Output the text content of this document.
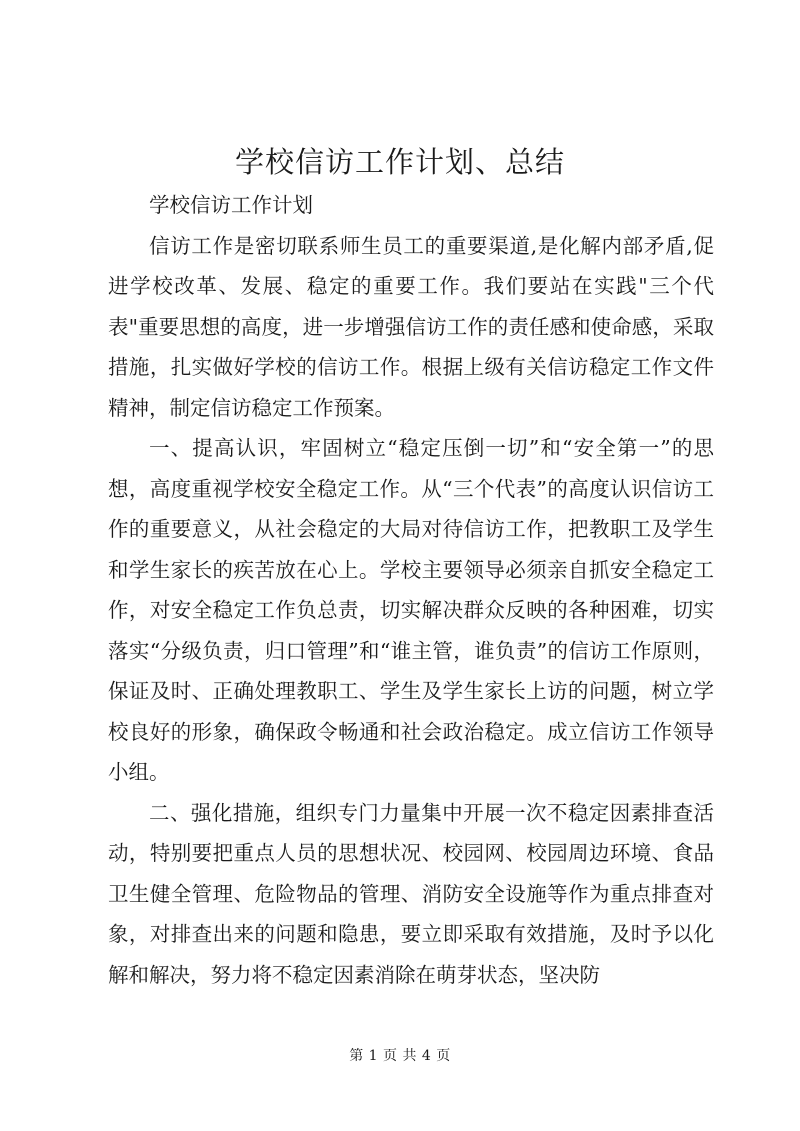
学校信访工作计划、总结

学校信访工作计划

信访工作是密切联系师生员工的重要渠道,是化解内部矛盾,促进学校改革、发展、稳定的重要工作。我们要站在实践"三个代表"重要思想的高度，进一步增强信访工作的责任感和使命感，采取措施，扎实做好学校的信访工作。根据上级有关信访稳定工作文件精神，制定信访稳定工作预案。

一、提高认识，牢固树立“稳定压倒一切”和“安全第一”的思想，高度重视学校安全稳定工作。从“三个代表”的高度认识信访工作的重要意义，从社会稳定的大局对待信访工作，把教职工及学生和学生家长的疾苦放在心上。学校主要领导必须亲自抓安全稳定工作，对安全稳定工作负总责，切实解决群众反映的各种困难，切实落实“分级负责，归口管理”和“谁主管，谁负责”的信访工作原则，保证及时、正确处理教职工、学生及学生家长上访的问题，树立学校良好的形象，确保政令畅通和社会政治稳定。成立信访工作领导小组。

二、强化措施，组织专门力量集中开展一次不稳定因素排查活动，特别要把重点人员的思想状况、校园网、校园周边环境、食品卫生健全管理、危险物品的管理、消防安全设施等作为重点排查对象，对排查出来的问题和隐患，要立即采取有效措施，及时予以化解和解决，努力将不稳定因素消除在萌芽状态，坚决防

第 1 页 共 4 页
